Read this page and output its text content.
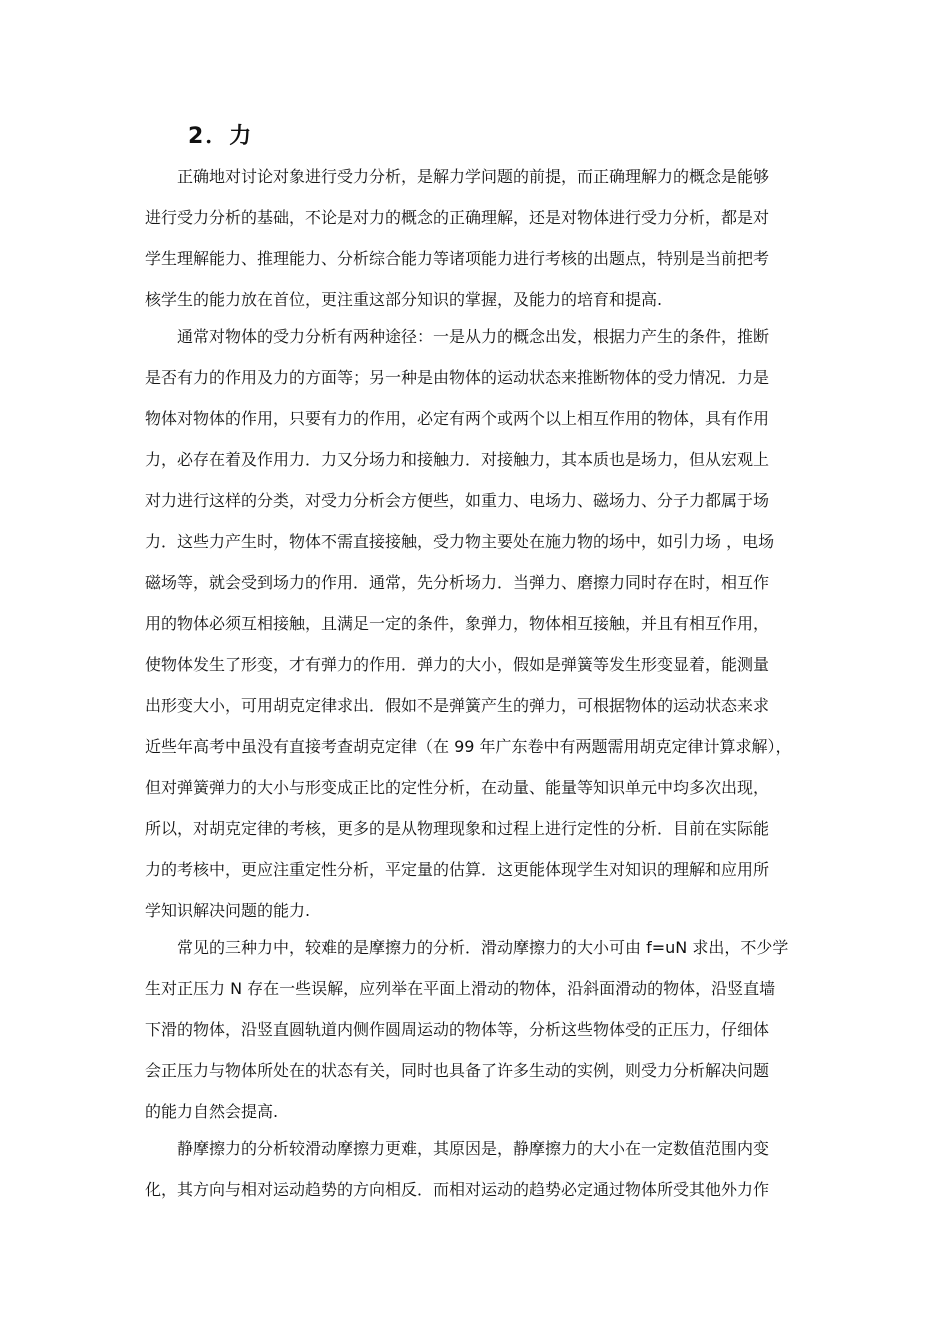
2．力

正确地对讨论对象进行受力分析，是解力学问题的前提，而正确理解力的概念是能够

进行受力分析的基础，不论是对力的概念的正确理解，还是对物体进行受力分析，都是对

学生理解能力、推理能力、分析综合能力等诸项能力进行考核的出题点，特别是当前把考

核学生的能力放在首位，更注重这部分知识的掌握，及能力的培育和提高.

通常对物体的受力分析有两种途径：一是从力的概念出发，根据力产生的条件，推断

是否有力的作用及力的方面等；另一种是由物体的运动状态来推断物体的受力情况．力是

物体对物体的作用，只要有力的作用，必定有两个或两个以上相互作用的物体，具有作用

力，必存在着及作用力．力又分场力和接触力．对接触力，其本质也是场力，但从宏观上

对力进行这样的分类，对受力分析会方便些，如重力、电场力、磁场力、分子力都属于场

力．这些力产生时，物体不需直接接触，受力物主要处在施力物的场中，如引力场 ，电场

磁场等，就会受到场力的作用．通常，先分析场力．当弹力、磨擦力同时存在时，相互作

用的物体必须互相接触，且满足一定的条件，象弹力，物体相互接触，并且有相互作用，

使物体发生了形变，才有弹力的作用．弹力的大小，假如是弹簧等发生形变显着，能测量

出形变大小，可用胡克定律求出．假如不是弹簧产生的弹力，可根据物体的运动状态来求

近些年高考中虽没有直接考查胡克定律（在 99 年广东卷中有两题需用胡克定律计算求解），

但对弹簧弹力的大小与形变成正比的定性分析，在动量、能量等知识单元中均多次出现，

所以，对胡克定律的考核，更多的是从物理现象和过程上进行定性的分析．目前在实际能

力的考核中，更应注重定性分析，平定量的估算．这更能体现学生对知识的理解和应用所

学知识解决问题的能力.

常见的三种力中，较难的是摩擦力的分析．滑动摩擦力的大小可由 f=uN 求出，不少学

生对正压力 N 存在一些误解，应列举在平面上滑动的物体，沿斜面滑动的物体，沿竖直墙

下滑的物体，沿竖直圆轨道内侧作圆周运动的物体等，分析这些物体受的正压力，仔细体

会正压力与物体所处在的状态有关，同时也具备了许多生动的实例，则受力分析解决问题

的能力自然会提高.

静摩擦力的分析较滑动摩擦力更难，其原因是，静摩擦力的大小在一定数值范围内变

化，其方向与相对运动趋势的方向相反．而相对运动的趋势必定通过物体所受其他外力作
